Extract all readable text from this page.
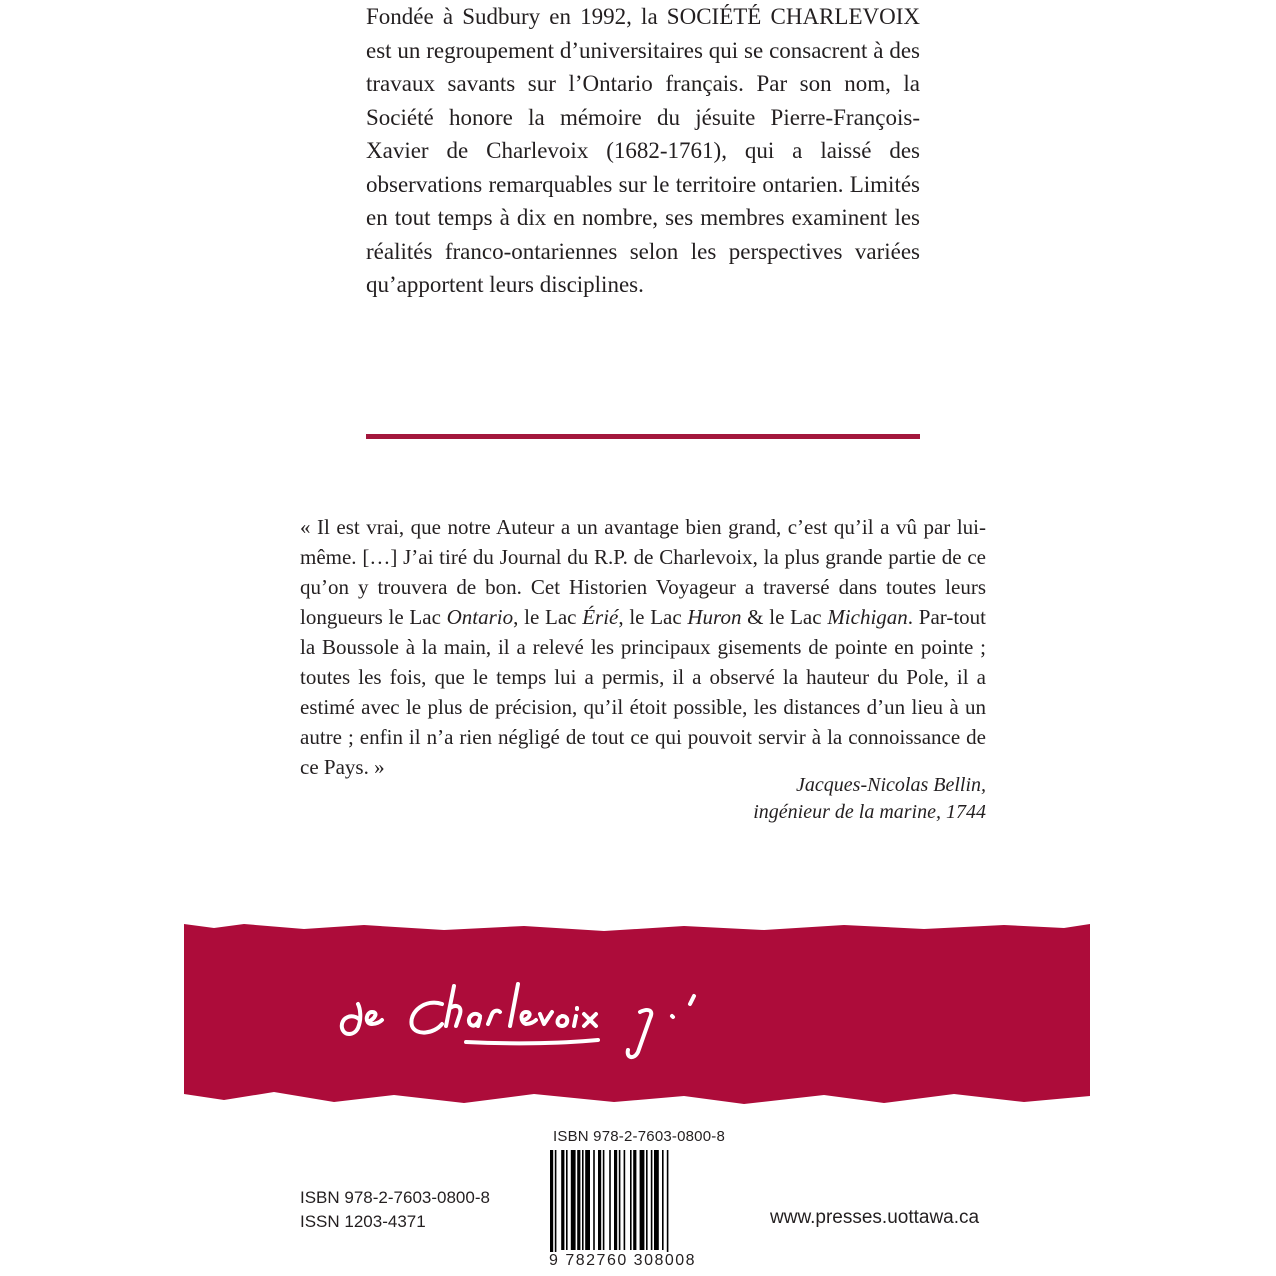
Fondée à Sudbury en 1992, la SOCIÉTÉ CHARLEVOIX est un regroupement d’universitaires qui se consacrent à des travaux savants sur l’Ontario français. Par son nom, la Société honore la mémoire du jésuite Pierre-François-Xavier de Charlevoix (1682-1761), qui a laissé des observations remarquables sur le territoire ontarien. Limités en tout temps à dix en nombre, ses membres examinent les réalités franco-ontariennes selon les perspectives variées qu’apportent leurs disciplines.

« Il est vrai, que notre Auteur a un avantage bien grand, c’est qu’il a vû par lui-même. […] J’ai tiré du Journal du R.P. de Charlevoix, la plus grande partie de ce qu’on y trouvera de bon. Cet Historien Voyageur a traversé dans toutes leurs longueurs le Lac Ontario, le Lac Érié, le Lac Huron & le Lac Michigan. Par-tout la Boussole à la main, il a relevé les principaux gisements de pointe en pointe ; toutes les fois, que le temps lui a permis, il a observé la hauteur du Pole, il a estimé avec le plus de précision, qu’il étoit possible, les distances d’un lieu à un autre ; enfin il n’a rien négligé de tout ce qui pouvoit servir à la connoissance de ce Pays. »

Jacques-Nicolas Bellin,
ingénieur de la marine, 1744
ISBN 978-2-7603-0800-8
9 782760 308008
ISBN 978-2-7603-0800-8
ISSN 1203-4371	www.presses.uottawa.ca
